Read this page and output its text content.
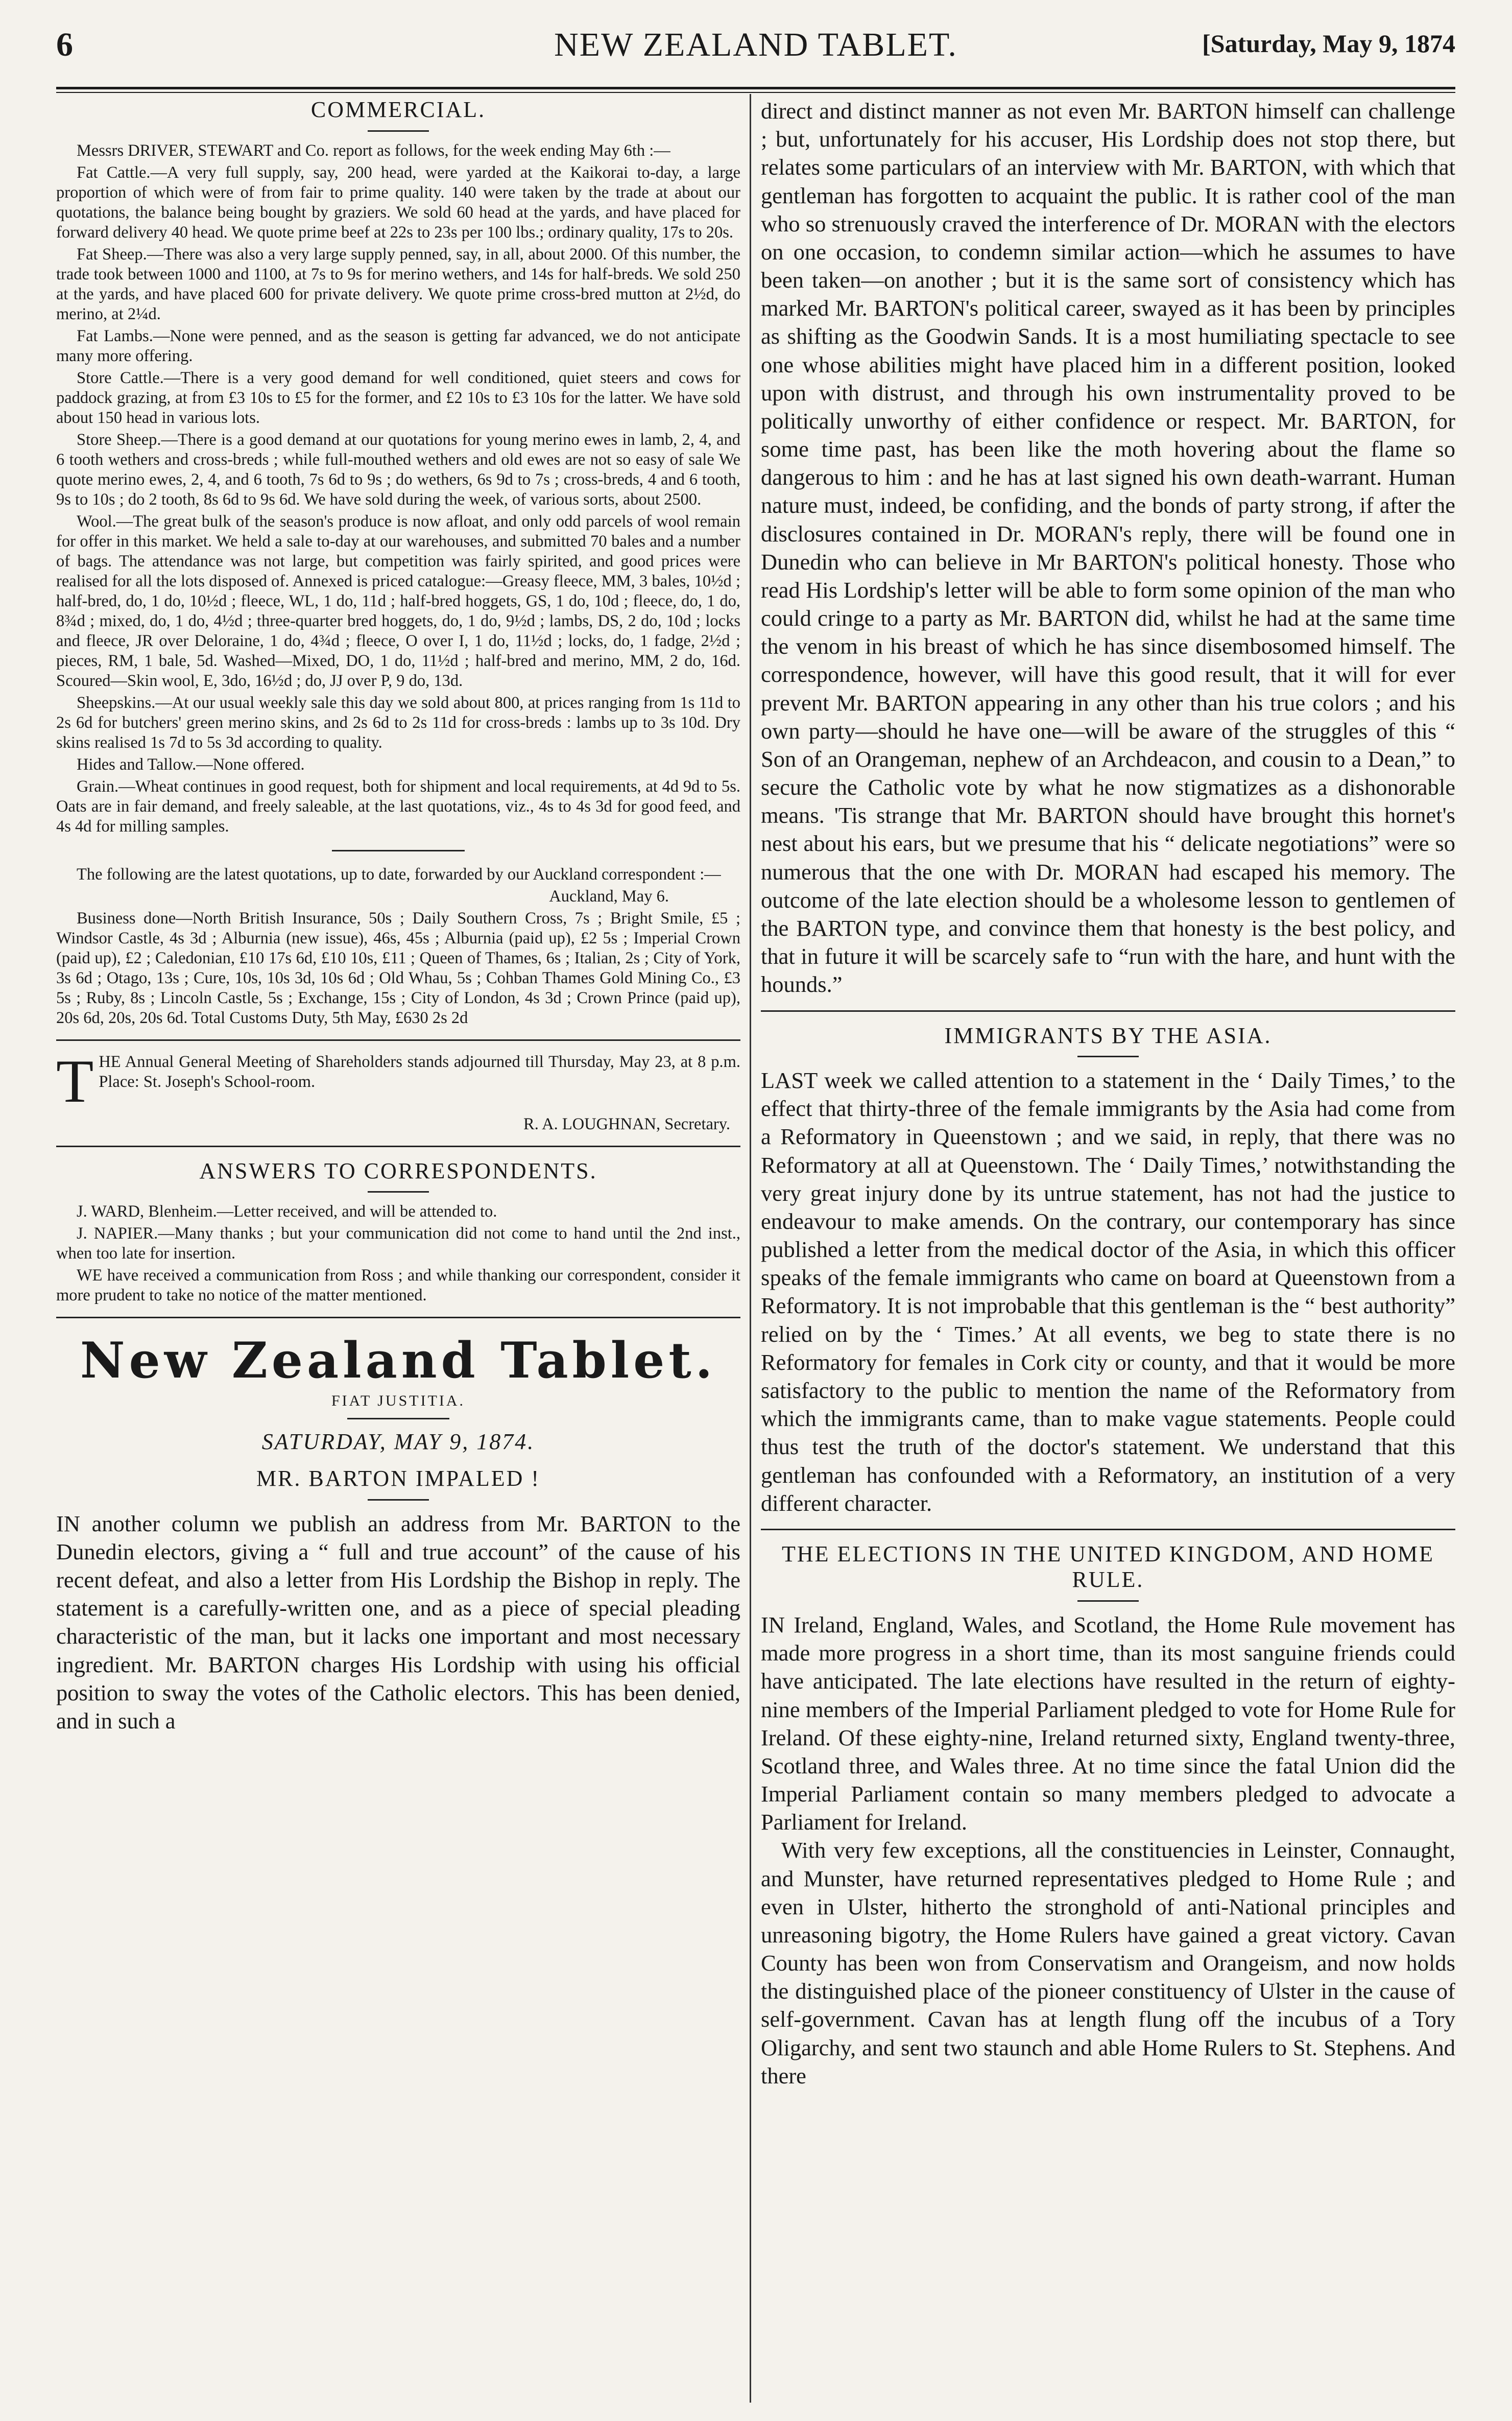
6	NEW ZEALAND TABLET.	[Saturday, May 9, 1874
COMMERCIAL.

Messrs DRIVER, STEWART and Co. report as follows, for the week ending May 6th :—

Fat Cattle.—A very full supply, say, 200 head, were yarded at the Kaikorai to-day, a large proportion of which were of from fair to prime quality. 140 were taken by the trade at about our quotations, the balance being bought by graziers. We sold 60 head at the yards, and have placed for forward delivery 40 head. We quote prime beef at 22s to 23s per 100 lbs.; ordinary quality, 17s to 20s.

Fat Sheep.—There was also a very large supply penned, say, in all, about 2000. Of this number, the trade took between 1000 and 1100, at 7s to 9s for merino wethers, and 14s for half-breds. We sold 250 at the yards, and have placed 600 for private delivery. We quote prime cross-bred mutton at 2½d, do merino, at 2¼d.

Fat Lambs.—None were penned, and as the season is getting far advanced, we do not anticipate many more offering.

Store Cattle.—There is a very good demand for well conditioned, quiet steers and cows for paddock grazing, at from £3 10s to £5 for the former, and £2 10s to £3 10s for the latter. We have sold about 150 head in various lots.

Store Sheep.—There is a good demand at our quotations for young merino ewes in lamb, 2, 4, and 6 tooth wethers and cross-breds ; while full-mouthed wethers and old ewes are not so easy of sale We quote merino ewes, 2, 4, and 6 tooth, 7s 6d to 9s ; do wethers, 6s 9d to 7s ; cross-breds, 4 and 6 tooth, 9s to 10s ; do 2 tooth, 8s 6d to 9s 6d. We have sold during the week, of various sorts, about 2500.

Wool.—The great bulk of the season's produce is now afloat, and only odd parcels of wool remain for offer in this market. We held a sale to-day at our warehouses, and submitted 70 bales and a number of bags. The attendance was not large, but competition was fairly spirited, and good prices were realised for all the lots disposed of. Annexed is priced catalogue:—Greasy fleece, MM, 3 bales, 10½d ; half-bred, do, 1 do, 10½d ; fleece, WL, 1 do, 11d ; half-bred hoggets, GS, 1 do, 10d ; fleece, do, 1 do, 8¾d ; mixed, do, 1 do, 4½d ; three-quarter bred hoggets, do, 1 do, 9½d ; lambs, DS, 2 do, 10d ; locks and fleece, JR over Deloraine, 1 do, 4¾d ; fleece, O over I, 1 do, 11½d ; locks, do, 1 fadge, 2½d ; pieces, RM, 1 bale, 5d. Washed—Mixed, DO, 1 do, 11½d ; half-bred and merino, MM, 2 do, 16d. Scoured—Skin wool, E, 3do, 16½d ; do, JJ over P, 9 do, 13d.

Sheepskins.—At our usual weekly sale this day we sold about 800, at prices ranging from 1s 11d to 2s 6d for butchers' green merino skins, and 2s 6d to 2s 11d for cross-breds : lambs up to 3s 10d. Dry skins realised 1s 7d to 5s 3d according to quality.

Hides and Tallow.—None offered.

Grain.—Wheat continues in good request, both for shipment and local requirements, at 4d 9d to 5s. Oats are in fair demand, and freely saleable, at the last quotations, viz., 4s to 4s 3d for good feed, and 4s 4d for milling samples.

The following are the latest quotations, up to date, forwarded by our Auckland correspondent :—

Auckland, May 6.

Business done—North British Insurance, 50s ; Daily Southern Cross, 7s ; Bright Smile, £5 ; Windsor Castle, 4s 3d ; Alburnia (new issue), 46s, 45s ; Alburnia (paid up), £2 5s ; Imperial Crown (paid up), £2 ; Caledonian, £10 17s 6d, £10 10s, £11 ; Queen of Thames, 6s ; Italian, 2s ; City of York, 3s 6d ; Otago, 13s ; Cure, 10s, 10s 3d, 10s 6d ; Old Whau, 5s ; Cohban Thames Gold Mining Co., £3 5s ; Ruby, 8s ; Lincoln Castle, 5s ; Exchange, 15s ; City of London, 4s 3d ; Crown Prince (paid up), 20s 6d, 20s, 20s 6d. Total Customs Duty, 5th May, £630 2s 2d

T HE Annual General Meeting of Shareholders stands adjourned till Thursday, May 23, at 8 p.m. Place: St. Joseph's School-room.

R. A. LOUGHNAN, Secretary.

ANSWERS TO CORRESPONDENTS.

J. WARD, Blenheim.—Letter received, and will be attended to.

J. NAPIER.—Many thanks ; but your communication did not come to hand until the 2nd inst., when too late for insertion.

WE have received a communication from Ross ; and while thanking our correspondent, consider it more prudent to take no notice of the matter mentioned.

New Zealand Tablet.
FIAT JUSTITIA.
SATURDAY, MAY 9, 1874.
MR. BARTON IMPALED !

IN another column we publish an address from Mr. BARTON to the Dunedin electors, giving a “ full and true account” of the cause of his recent defeat, and also a letter from His Lordship the Bishop in reply. The statement is a carefully-written one, and as a piece of special pleading characteristic of the man, but it lacks one important and most necessary ingredient. Mr. BARTON charges His Lordship with using his official position to sway the votes of the Catholic electors. This has been denied, and in such a

direct and distinct manner as not even Mr. BARTON himself can challenge ; but, unfortunately for his accuser, His Lordship does not stop there, but relates some particulars of an interview with Mr. BARTON, with which that gentleman has forgotten to acquaint the public. It is rather cool of the man who so strenuously craved the interference of Dr. MORAN with the electors on one occasion, to condemn similar action—which he assumes to have been taken—on another ; but it is the same sort of consistency which has marked Mr. BARTON's political career, swayed as it has been by principles as shifting as the Goodwin Sands. It is a most humiliating spectacle to see one whose abilities might have placed him in a different position, looked upon with distrust, and through his own instrumentality proved to be politically unworthy of either confidence or respect. Mr. BARTON, for some time past, has been like the moth hovering about the flame so dangerous to him : and he has at last signed his own death-warrant. Human nature must, indeed, be confiding, and the bonds of party strong, if after the disclosures contained in Dr. MORAN's reply, there will be found one in Dunedin who can believe in Mr BARTON's political honesty. Those who read His Lordship's letter will be able to form some opinion of the man who could cringe to a party as Mr. BARTON did, whilst he had at the same time the venom in his breast of which he has since disembosomed himself. The correspondence, however, will have this good result, that it will for ever prevent Mr. BARTON appearing in any other than his true colors ; and his own party—should he have one—will be aware of the struggles of this “ Son of an Orangeman, nephew of an Archdeacon, and cousin to a Dean,” to secure the Catholic vote by what he now stigmatizes as a dishonorable means. 'Tis strange that Mr. BARTON should have brought this hornet's nest about his ears, but we presume that his “ delicate negotiations” were so numerous that the one with Dr. MORAN had escaped his memory. The outcome of the late election should be a wholesome lesson to gentlemen of the BARTON type, and convince them that honesty is the best policy, and that in future it will be scarcely safe to “run with the hare, and hunt with the hounds.”

IMMIGRANTS BY THE ASIA.

LAST week we called attention to a statement in the ‘ Daily Times,’ to the effect that thirty-three of the female immigrants by the Asia had come from a Reformatory in Queenstown ; and we said, in reply, that there was no Reformatory at all at Queenstown. The ‘ Daily Times,’ notwithstanding the very great injury done by its untrue statement, has not had the justice to endeavour to make amends. On the contrary, our contemporary has since published a letter from the medical doctor of the Asia, in which this officer speaks of the female immigrants who came on board at Queenstown from a Reformatory. It is not improbable that this gentleman is the “ best authority” relied on by the ‘ Times.’ At all events, we beg to state there is no Reformatory for females in Cork city or county, and that it would be more satisfactory to the public to mention the name of the Reformatory from which the immigrants came, than to make vague statements. People could thus test the truth of the doctor's statement. We understand that this gentleman has confounded with a Reformatory, an institution of a very different character.

THE ELECTIONS IN THE UNITED KINGDOM, AND HOME RULE.

IN Ireland, England, Wales, and Scotland, the Home Rule movement has made more progress in a short time, than its most sanguine friends could have anticipated. The late elections have resulted in the return of eighty-nine members of the Imperial Parliament pledged to vote for Home Rule for Ireland. Of these eighty-nine, Ireland returned sixty, England twenty-three, Scotland three, and Wales three. At no time since the fatal Union did the Imperial Parliament contain so many members pledged to advocate a Parliament for Ireland.

With very few exceptions, all the constituencies in Leinster, Connaught, and Munster, have returned representatives pledged to Home Rule ; and even in Ulster, hitherto the stronghold of anti-National principles and unreasoning bigotry, the Home Rulers have gained a great victory. Cavan County has been won from Conservatism and Orangeism, and now holds the distinguished place of the pioneer constituency of Ulster in the cause of self-government. Cavan has at length flung off the incubus of a Tory Oligarchy, and sent two staunch and able Home Rulers to St. Stephens. And there
